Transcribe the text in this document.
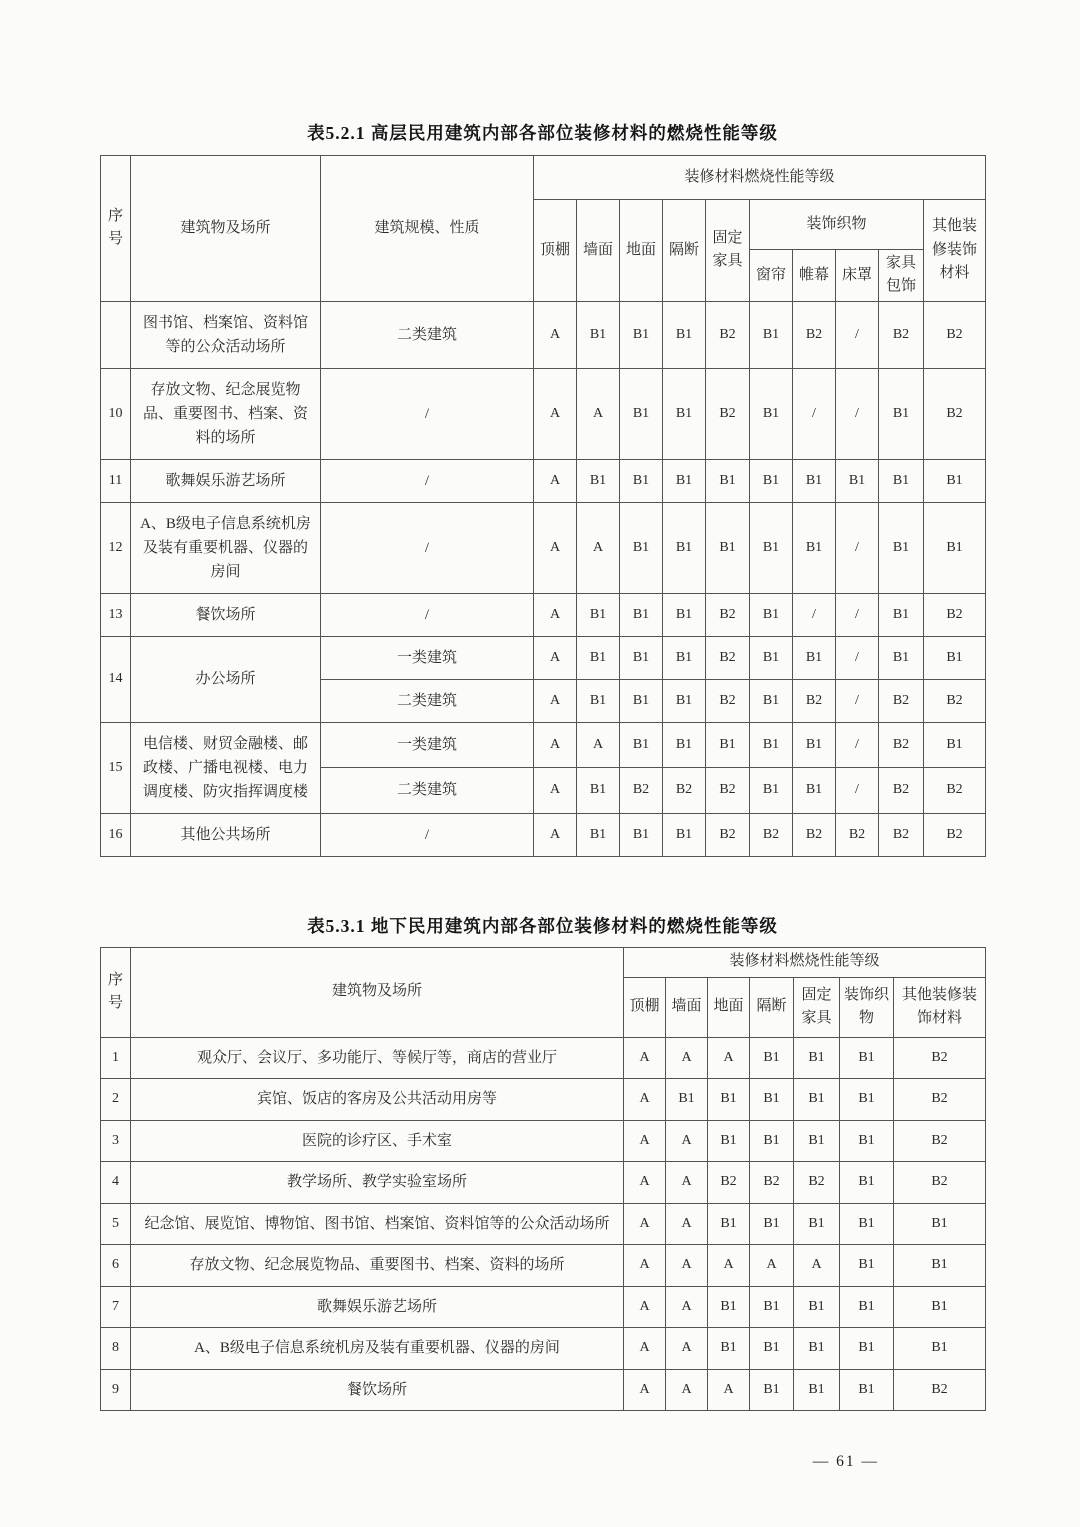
表5.2.1 高层民用建筑内部各部位装修材料的燃烧性能等级
序号	建筑物及场所	建筑规模、性质	装修材料燃烧性能等级									
			顶棚	墙面	地面	隔断	固定家具	装饰织物				其他装修装饰材料
								窗帘	帷幕	床罩	家具包饰	
	图书馆、档案馆、资料馆等的公众活动场所	二类建筑	A	B1	B1	B1	B2	B1	B2	/	B2	B2
10	存放文物、纪念展览物品、重要图书、档案、资料的场所	/	A	A	B1	B1	B2	B1	/	/	B1	B2
11	歌舞娱乐游艺场所	/	A	B1	B1	B1	B1	B1	B1	B1	B1	B1
12	A、B级电子信息系统机房及装有重要机器、仪器的房间	/	A	A	B1	B1	B1	B1	B1	/	B1	B1
13	餐饮场所	/	A	B1	B1	B1	B2	B1	/	/	B1	B2
14	办公场所	一类建筑	A	B1	B1	B1	B2	B1	B1	/	B1	B1
		二类建筑	A	B1	B1	B1	B2	B1	B2	/	B2	B2
15	电信楼、财贸金融楼、邮政楼、广播电视楼、电力调度楼、防灾指挥调度楼	一类建筑	A	A	B1	B1	B1	B1	B1	/	B2	B1
		二类建筑	A	B1	B2	B2	B2	B1	B1	/	B2	B2
16	其他公共场所	/	A	B1	B1	B1	B2	B2	B2	B2	B2	B2
表5.3.1 地下民用建筑内部各部位装修材料的燃烧性能等级
序号	建筑物及场所	装修材料燃烧性能等级						
		顶棚	墙面	地面	隔断	固定家具	装饰织物	其他装修装饰材料
1	观众厅、会议厅、多功能厅、等候厅等，商店的营业厅	A	A	A	B1	B1	B1	B2
2	宾馆、饭店的客房及公共活动用房等	A	B1	B1	B1	B1	B1	B2
3	医院的诊疗区、手术室	A	A	B1	B1	B1	B1	B2
4	教学场所、教学实验室场所	A	A	B2	B2	B2	B1	B2
5	纪念馆、展览馆、博物馆、图书馆、档案馆、资料馆等的公众活动场所	A	A	B1	B1	B1	B1	B1
6	存放文物、纪念展览物品、重要图书、档案、资料的场所	A	A	A	A	A	B1	B1
7	歌舞娱乐游艺场所	A	A	B1	B1	B1	B1	B1
8	A、B级电子信息系统机房及装有重要机器、仪器的房间	A	A	B1	B1	B1	B1	B1
9	餐饮场所	A	A	A	B1	B1	B1	B2
— 61 —
